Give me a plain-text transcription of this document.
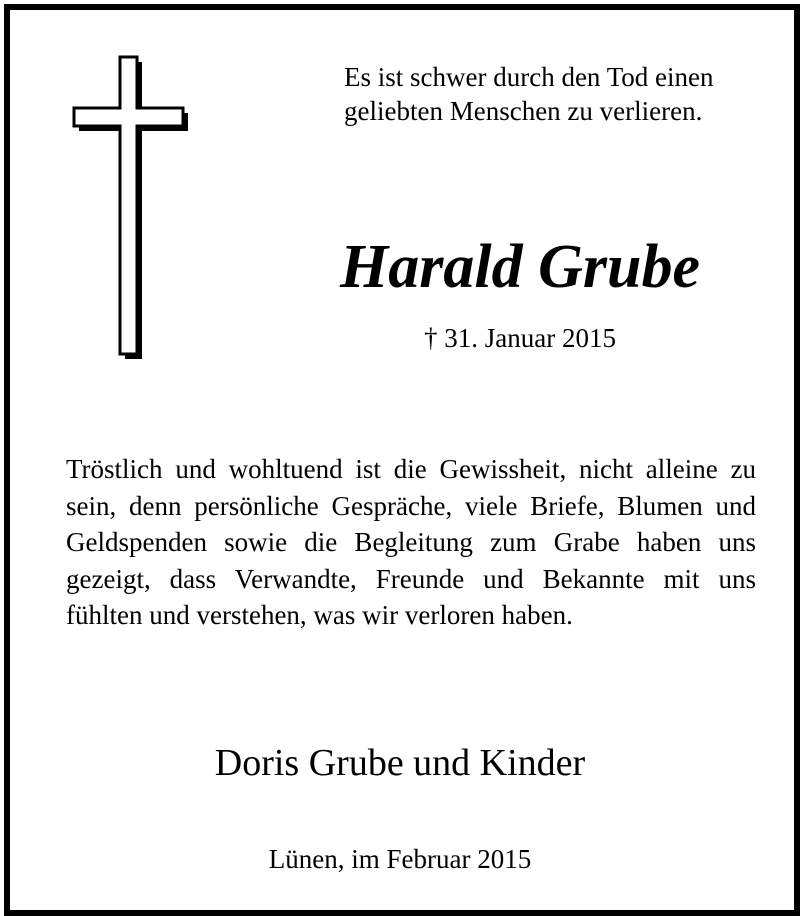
Es ist schwer durch den Tod einen
geliebten Menschen zu verlieren.
Harald Grube
† 31. Januar 2015
Tröstlich und wohltuend ist die Gewissheit, nicht alleine zu
sein, denn persönliche Gespräche, viele Briefe, Blumen und
Geldspenden sowie die Begleitung zum Grabe haben uns
gezeigt, dass Verwandte, Freunde und Bekannte mit uns
fühlten und verstehen, was wir verloren haben.
Doris Grube und Kinder
Lünen, im Februar 2015
